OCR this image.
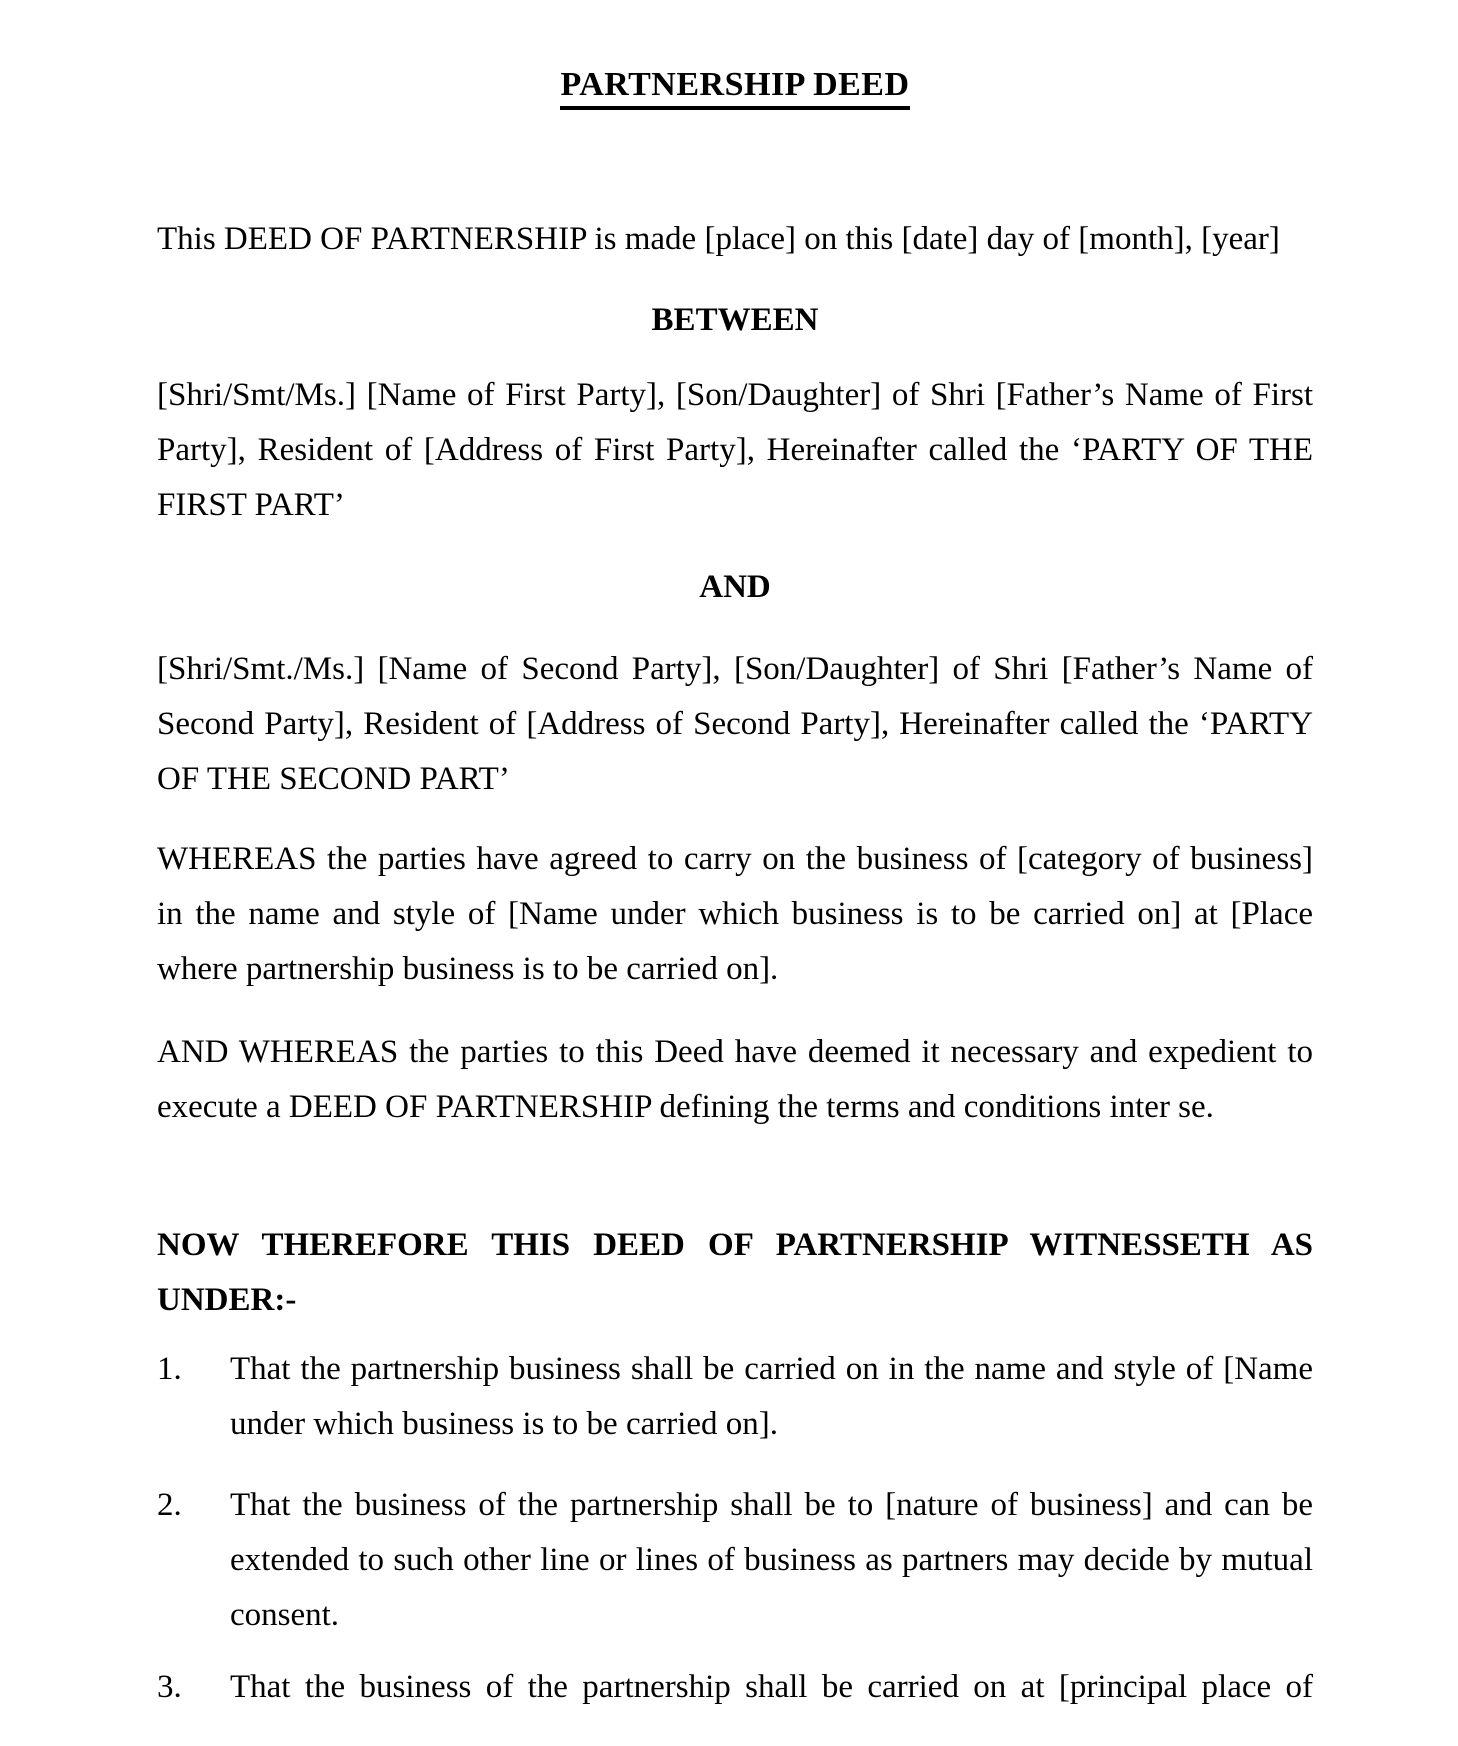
PARTNERSHIP DEED

This DEED OF PARTNERSHIP is made [place] on this [date] day of [month], [year]

BETWEEN

[Shri/Smt/Ms.] [Name of First Party], [Son/Daughter] of Shri [Father’s Name of First Party], Resident of [Address of First Party], Hereinafter called the ‘PARTY OF THE FIRST PART’

AND

[Shri/Smt./Ms.] [Name of Second Party], [Son/Daughter] of Shri [Father’s Name of Second Party], Resident of [Address of Second Party], Hereinafter called the ‘PARTY OF THE SECOND PART’

WHEREAS the parties have agreed to carry on the business of [category of business] in the name and style of [Name under which business is to be carried on] at [Place where partnership business is to be carried on].

AND WHEREAS the parties to this Deed have deemed it necessary and expedient to execute a DEED OF PARTNERSHIP defining the terms and conditions inter se.

NOW THEREFORE THIS DEED OF PARTNERSHIP WITNESSETH AS UNDER:-
1.	That the partnership business shall be carried on in the name and style of [Name under which business is to be carried on].
2.	That the business of the partnership shall be to [nature of business] and can be extended to such other line or lines of business as partners may decide by mutual consent.
3.	That the business of the partnership shall be carried on at [principal place of
